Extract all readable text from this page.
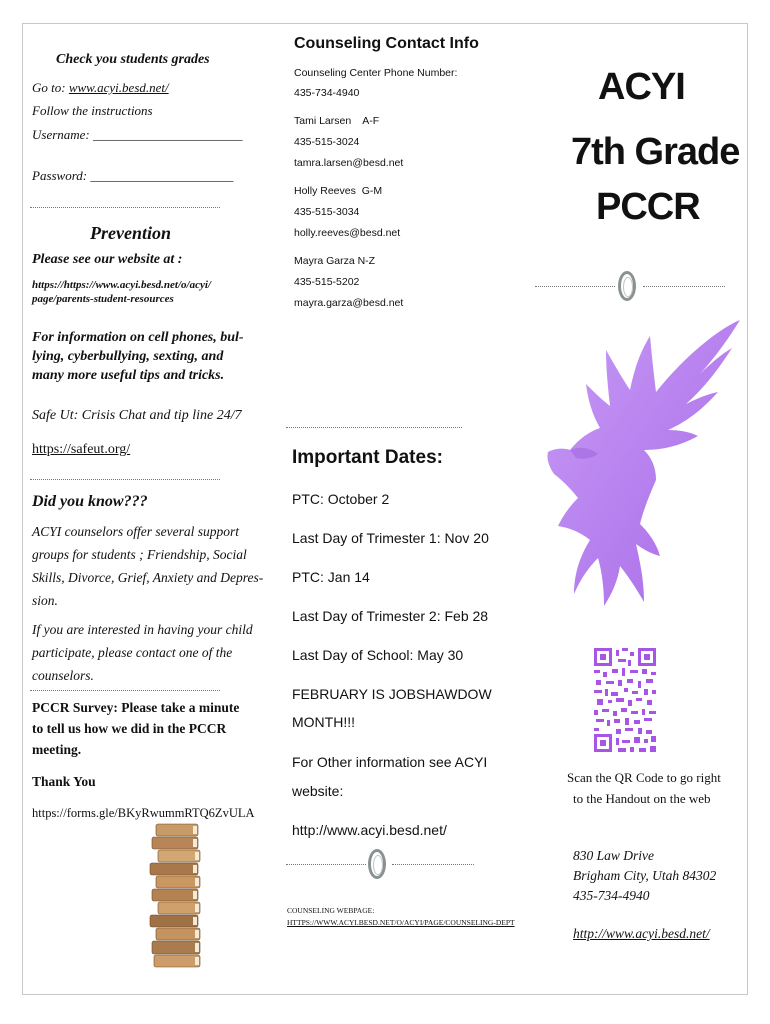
Check you students grades
Go to: www.acyi.besd.net/
Follow the instructions
Username: _______________________
Password: ______________________
Prevention
Please see our website at :
https://https://www.acyi.besd.net/o/acyi/
page/parents-student-resources
For information on cell phones, bul-
lying, cyberbullying, sexting, and
many more useful tips and tricks.
Safe Ut: Crisis Chat and tip line 24/7
https://safeut.org/
Did you know???
ACYI counselors offer several support
groups for students ; Friendship, Social
Skills, Divorce, Grief, Anxiety and Depres-
sion.
If you are interested in having your child
participate, please contact one of the
counselors.
PCCR Survey: Please take a minute
to tell us how we did in the PCCR
meeting.
Thank You
https://forms.gle/BKyRwummRTQ6ZvULA
Counseling Contact Info
Counseling Center Phone Number:
435-734-4940
Tami Larsen    A-F
435-515-3024
tamra.larsen@besd.net
Holly Reeves  G-M
435-515-3034
holly.reeves@besd.net
Mayra Garza N-Z
435-515-5202
mayra.garza@besd.net
Important Dates:
PTC: October 2
Last Day of Trimester 1: Nov 20
PTC: Jan 14
Last Day of Trimester 2: Feb 28
Last Day of School: May 30
FEBRUARY IS JOBSHAWDOW
MONTH!!!
For Other information see ACYI
website:
http://www.acyi.besd.net/
COUNSELING WEBPAGE:
HTTPS://WWW.ACYI.BESD.NET/O/ACYI/PAGE/COUNSELING-DEPT
ACYI
7th Grade
PCCR
Scan the QR Code to go right
to the Handout on the web
830 Law Drive
Brigham City, Utah 84302
435-734-4940
http://www.acyi.besd.net/
